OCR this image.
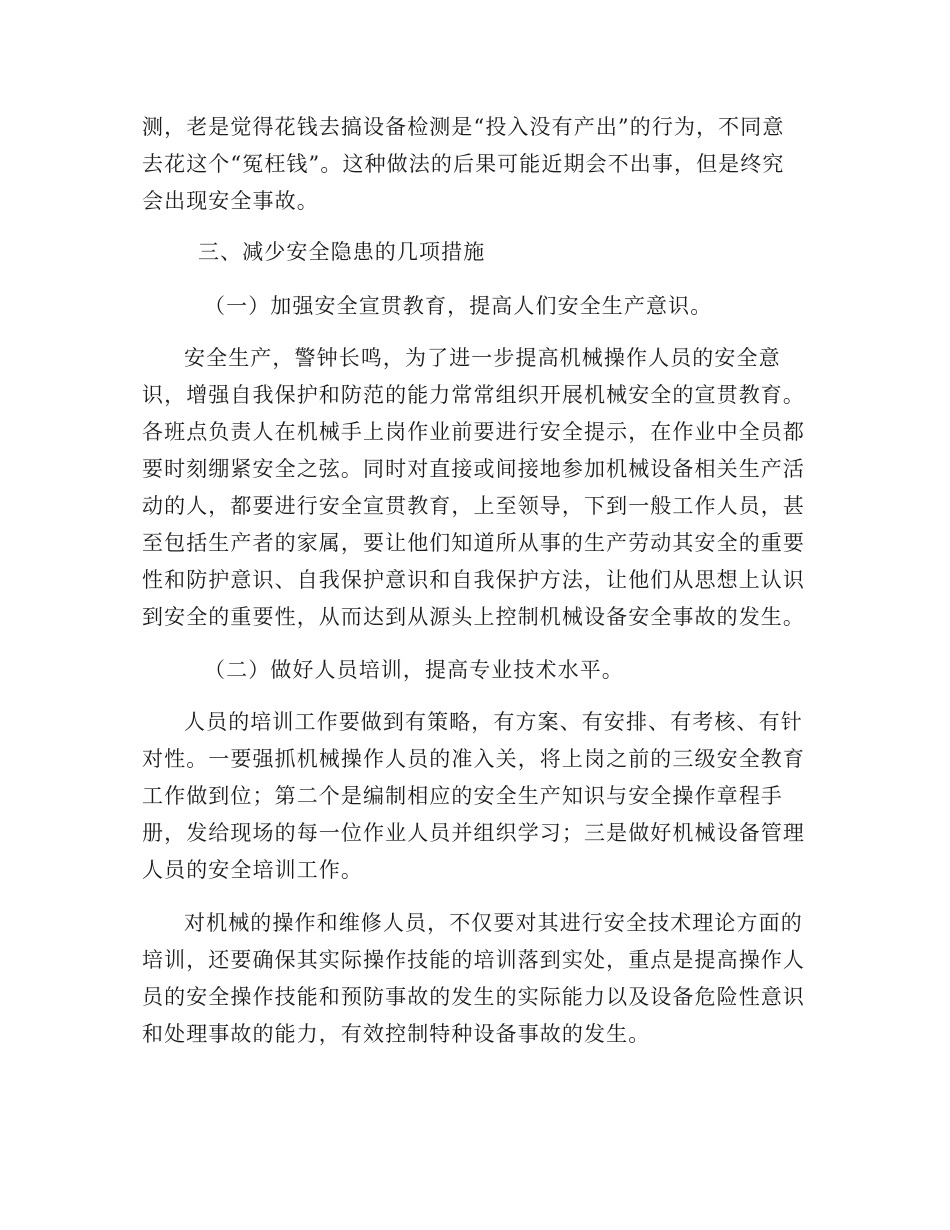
测，老是觉得花钱去搞设备检测是“投入没有产出”的行为，不同意
去花这个“冤枉钱”。这种做法的后果可能近期会不出事，但是终究
会出现安全事故。
三、减少安全隐患的几项措施
（一）加强安全宣贯教育，提高人们安全生产意识。
安全生产，警钟长鸣，为了进一步提高机械操作人员的安全意
识，增强自我保护和防范的能力常常组织开展机械安全的宣贯教育。
各班点负责人在机械手上岗作业前要进行安全提示，在作业中全员都
要时刻绷紧安全之弦。同时对直接或间接地参加机械设备相关生产活
动的人，都要进行安全宣贯教育，上至领导，下到一般工作人员，甚
至包括生产者的家属，要让他们知道所从事的生产劳动其安全的重要
性和防护意识、自我保护意识和自我保护方法，让他们从思想上认识
到安全的重要性，从而达到从源头上控制机械设备安全事故的发生。
（二）做好人员培训，提高专业技术水平。
人员的培训工作要做到有策略，有方案、有安排、有考核、有针
对性。一要强抓机械操作人员的准入关，将上岗之前的三级安全教育
工作做到位；第二个是编制相应的安全生产知识与安全操作章程手
册，发给现场的每一位作业人员并组织学习；三是做好机械设备管理
人员的安全培训工作。
对机械的操作和维修人员，不仅要对其进行安全技术理论方面的
培训，还要确保其实际操作技能的培训落到实处，重点是提高操作人
员的安全操作技能和预防事故的发生的实际能力以及设备危险性意识
和处理事故的能力，有效控制特种设备事故的发生。
